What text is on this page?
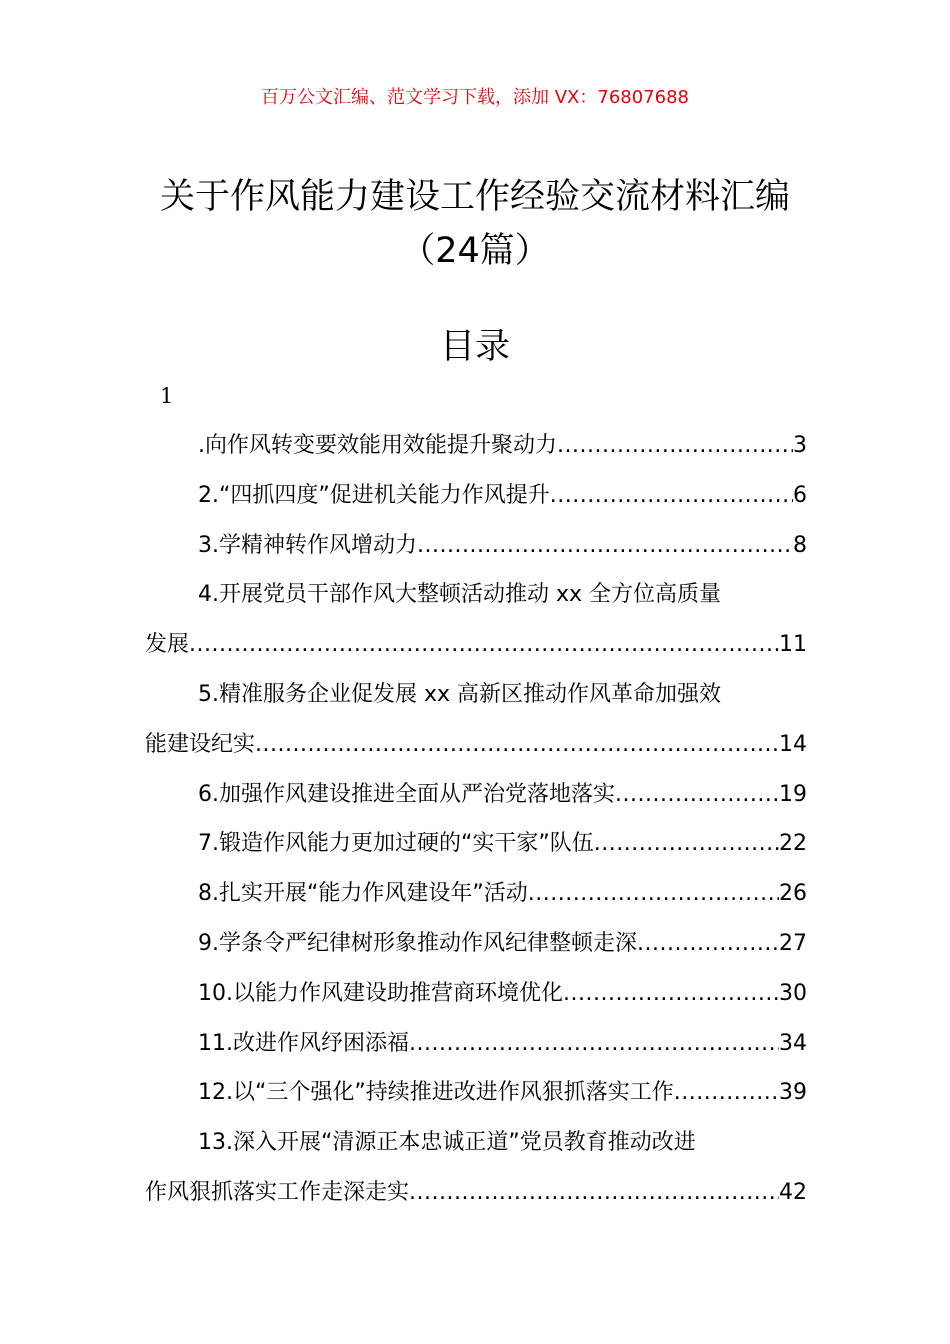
百万公文汇编、范文学习下载，添加 VX：76807688
关于作风能力建设工作经验交流材料汇编
（24篇）
目录
1
.向作风转变要效能用效能提升聚动力 .....	3
2.“四抓四度”促进机关能力作风提升 .....	6
3.学精神转作风增动力 .....	8
4.开展党员干部作风大整顿活动推动 xx 全方位高质量
发展 .....	11
5.精准服务企业促发展 xx 高新区推动作风革命加强效
能建设纪实 .....	14
6.加强作风建设推进全面从严治党落地落实 .....	19
7.锻造作风能力更加过硬的“实干家”队伍 .....	22
8.扎实开展“能力作风建设年”活动 .....	26
9.学条令严纪律树形象推动作风纪律整顿走深 .....	27
10.以能力作风建设助推营商环境优化 .....	30
11.改进作风纾困添福 .....	34
12.以“三个强化”持续推进改进作风狠抓落实工作 .....	39
13.深入开展“清源正本忠诚正道”党员教育推动改进
作风狠抓落实工作走深走实 .....	42
